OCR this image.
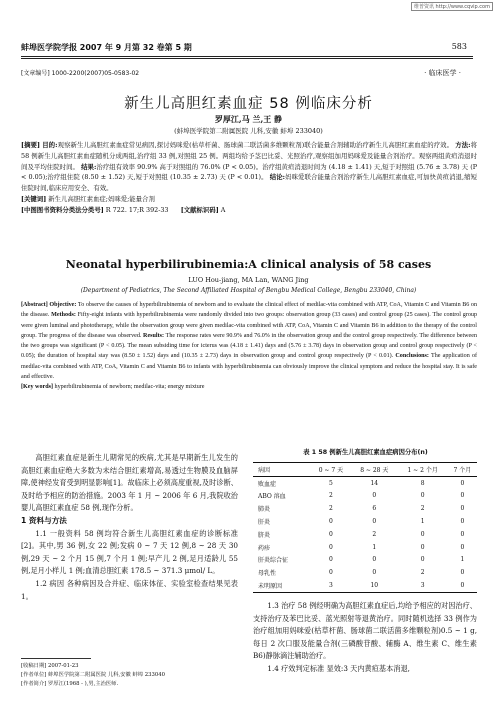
维普资讯 http://www.cqvip.com
蚌埠医学院学报 2007 年 9 月第 32 卷第 5 期	583
[文章编号] 1000-2200(2007)05-0583-02	· 临床医学 ·
新生儿高胆红素血症 58 例临床分析
罗厚江,马 兰,王 静
(蚌埠医学院第二附属医院 儿科,安徽 蚌埠 233040)
[摘要] 目的:观察新生儿高胆红素血症常见病因,探讨妈咪爱(枯草杆菌、肠球菌二联活菌多维颗粒剂)联合能量合剂辅助治疗新生儿高胆红素血症的疗效。 方法:将 58 例新生儿高胆红素血症随机分成两组,治疗组 33 例,对照组 25 例。两组均给予茎巴比妥、光照治疗,观察组加用妈咪爱及能量合剂治疗。观察两组黄疸消退时间及平均住院时间。 结果:治疗组有效率 90.9% 高于对照组的 76.0% (P < 0.05)。治疗组黄疸消退时间为 (4.18 ± 1.41) 天,短于对照组 (5.76 ± 3.78) 天 (P < 0.05);治疗组住院 (8.50 ± 1.52) 天,短于对照组 (10.35 ± 2.73) 天 (P < 0.01)。 结论:妈咪爱联合能量合剂治疗新生儿高胆红素血症,可加快黄疸消退,缩短住院时间,临床应用安全、有效。
[关键词] 新生儿高胆红素血症;妈咪爱;能量合剂
[中图图书资料分类法分类号] R 722. 17;R 392-33 [文献标识码] A
Neonatal hyperbilirubinemia:A clinical analysis of 58 cases
LUO Hou-jiang, MA Lan, WANG Jing
(Department of Pediatrics, The Second Affiliated Hospital of Bengbu Medical College, Bengbu 233040, China)
[Abstract] Objective: To observe the causes of hyperbilirubinemia of newborn and to evaluate the clinical effect of medilac-vita combined with ATP, CoA, Vitamin C and Vitamin B6 on the disease. Methods: Fifty-eight infants with hyperbilirubinemia were randomly divided into two groups: observation group (33 cases) and control group (25 cases). The control group were given luminal and phototherapy, while the observation group were given medilac-vita combined with ATP, CoA, Vitamin C and Vitamin B6 in addition to the therapy of the control group. The progress of the disease was observed. Results: The response rates were 90.9% and 76.0% in the observation group and the control group respectively. The difference between the two groups was significant (P < 0.05). The mean subsiding time for icterus was (4.18 ± 1.41) days and (5.76 ± 3.78) days in observation group and control group respectively (P < 0.05); the duration of hospital stay was (8.50 ± 1.52) days and (10.35 ± 2.73) days in observation group and control group respectively (P < 0.01). Conclusions: The application of medilac-vita combined with ATP, CoA, Vitamin C and Vitamin B6 to infants with hyperbilirubinemia can obviously improve the clinical symptom and reduce the hospital stay. It is safe and effective.
[Key words] hyperbilirubinemia of newborn; medilac-vita; energy mixture

高胆红素血症是新生儿期常见的疾病,尤其是早期新生儿发生的高胆红素血症绝大多数为未结合胆红素增高,易透过生物膜及血脑屏障,使神经发育受到明显影响[1]。故临床上必须高度重视,及时诊断、及时给予相应的防治措施。2003 年 1 月 ~ 2006 年 6 月,我院收治婴儿高胆红素血症 58 例,现作分析。

1 资料与方法

1.1 一般资料 58 例均符合新生儿高胆红素血症的诊断标准[2]。其中,男 36 例,女 22 例;发病 0 ~ 7 天 12 例,8 ~ 28 天 30 例,29 天 ~ 2 个月 15 例,7 个月 1 例;早产儿 2 例,足月适龄儿 55 例,足月小样儿 1 例;血清总胆红素 178.5 ~ 371.3 μmol/ L。

1.2 病因 各种病因及合并症、临床体征、实验室检查结果见表 1。

[收稿日期] 2007-01-23
[作者单位] 蚌埠医学院第二附属医院 儿科,安徽 蚌埠 233040
[作者简介] 罗厚江(1968 - ),男,主治医师.
表 1 58 例新生儿高胆红素血症病因分布(n)
病因	0 ~ 7 天	8 ~ 28 天	1 ~ 2 个月	7 个月
败血症	5	14	8	0
ABO 溶血	2	0	0	0
肺炎	2	6	2	0
肝炎	0	0	1	0
脐炎	0	2	0	0
药疹	0	1	0	0
肝炎综合征	0	0	0	1
母乳性	0	0	2	0
未明原因	3	10	3	0

1.3 治疗 58 例经明确为高胆红素血症后,均给予相应的对因治疗、支持治疗及苯巴比妥、蓝光照射等退黄治疗。同时随机选择 33 例作为治疗组加用妈咪爱(枯草杆菌、肠球菌二联活菌多维颗粒剂)0.5 ~ 1 g,每日 2 次口服及能量合剂(三磷酸苷酸、辅酶 A、维生素 C、维生素 B6)静脉滴注辅助治疗。

1.4 疗效判定标准 显效:3 天内黄疸基本消退,
